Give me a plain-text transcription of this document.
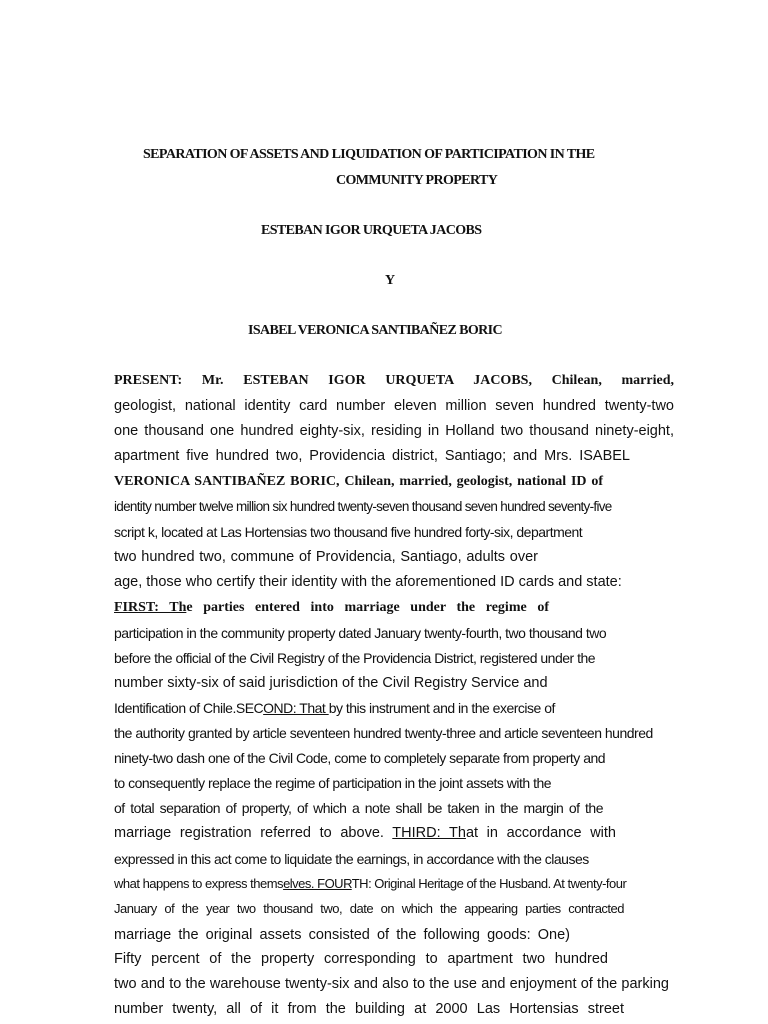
SEPARATION OF ASSETS AND LIQUIDATION OF PARTICIPATION IN THE
COMMUNITY PROPERTY
ESTEBAN IGOR URQUETA JACOBS
Y
ISABEL VERONICA SANTIBAÑEZ BORIC
PRESENT: Mr. ESTEBAN IGOR URQUETA JACOBS, Chilean, married,
geologist, national identity card number eleven million seven hundred twenty-two
one thousand one hundred eighty-six, residing in Holland two thousand ninety-eight,
apartment five hundred two, Providencia district, Santiago; and Mrs. ISABEL
VERONICA SANTIBAÑEZ BORIC, Chilean, married, geologist, national ID of
identity number twelve million six hundred twenty-seven thousand seven hundred seventy-five
script k, located at Las Hortensias two thousand five hundred forty-six, department
two hundred two, commune of Providencia, Santiago, adults over
age, those who certify their identity with the aforementioned ID cards and state:
FIRST: The parties entered into marriage under the regime of
participation in the community property dated January twenty-fourth, two thousand two
before the official of the Civil Registry of the Providencia District, registered under the
number sixty-six of said jurisdiction of the Civil Registry Service and
Identification of Chile.SECOND: That by this instrument and in the exercise of
the authority granted by article seventeen hundred twenty-three and article seventeen hundred
ninety-two dash one of the Civil Code, come to completely separate from property and
to consequently replace the regime of participation in the joint assets with the
of total separation of property, of which a note shall be taken in the margin of the
marriage registration referred to above. THIRD: That in accordance with
expressed in this act come to liquidate the earnings, in accordance with the clauses
what happens to express themselves. FOURTH: Original Heritage of the Husband. At twenty-four
January of the year two thousand two, date on which the appearing parties contracted
marriage the original assets consisted of the following goods: One)
Fifty percent of the property corresponding to apartment two hundred
two and to the warehouse twenty-six and also to the use and enjoyment of the parking
number twenty, all of it from the building at 2000 Las Hortensias street
